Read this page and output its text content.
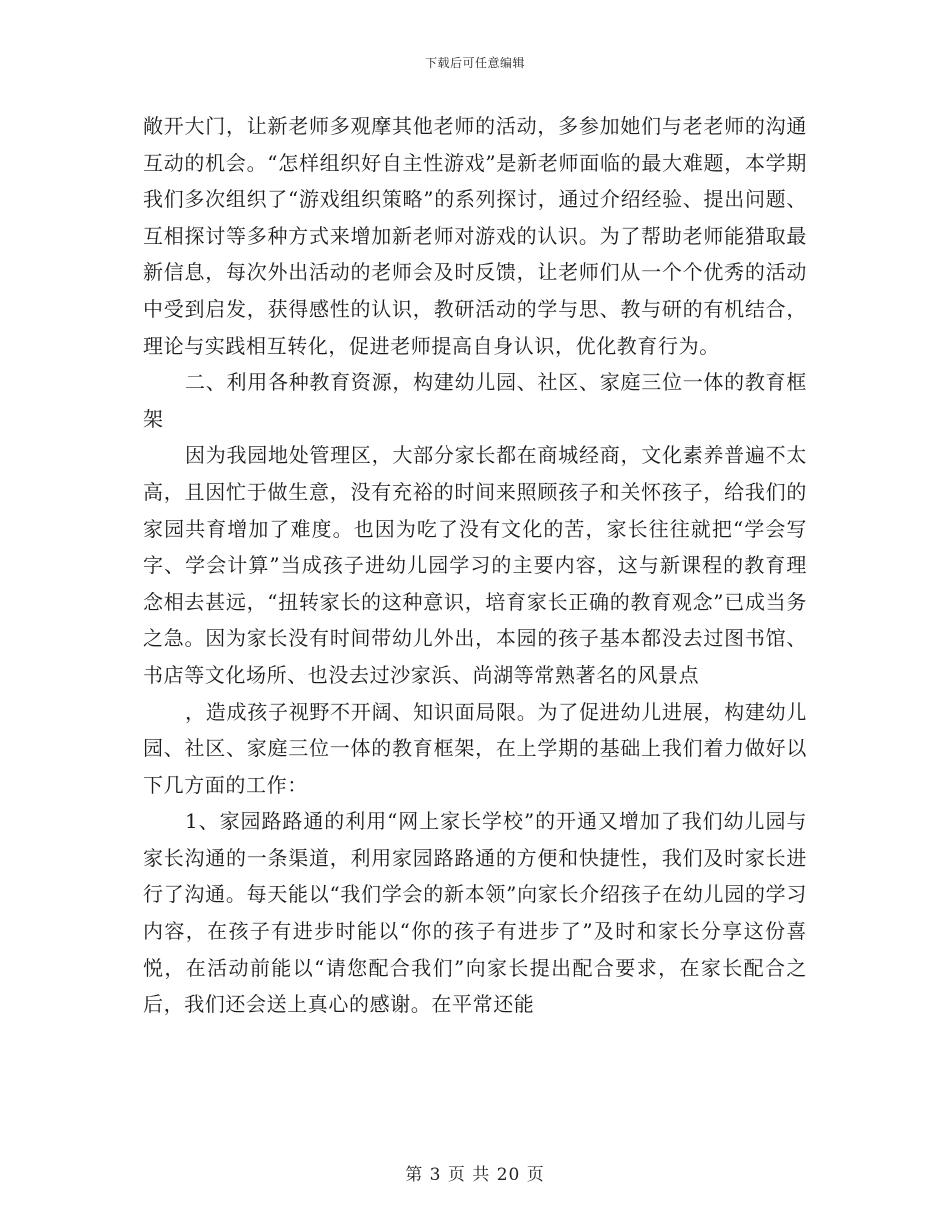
下载后可任意编辑

敞开大门，让新老师多观摩其他老师的活动，多参加她们与老老师的沟通互动的机会。“怎样组织好自主性游戏”是新老师面临的最大难题，本学期我们多次组织了“游戏组织策略”的系列探讨，通过介绍经验、提出问题、互相探讨等多种方式来增加新老师对游戏的认识。为了帮助老师能猎取最新信息，每次外出活动的老师会及时反馈，让老师们从一个个优秀的活动中受到启发，获得感性的认识，教研活动的学与思、教与研的有机结合，理论与实践相互转化，促进老师提高自身认识，优化教育行为。

二、利用各种教育资源，构建幼儿园、社区、家庭三位一体的教育框架

因为我园地处管理区，大部分家长都在商城经商，文化素养普遍不太高，且因忙于做生意，没有充裕的时间来照顾孩子和关怀孩子，给我们的家园共育增加了难度。也因为吃了没有文化的苦，家长往往就把“学会写字、学会计算”当成孩子进幼儿园学习的主要内容，这与新课程的教育理念相去甚远，“扭转家长的这种意识，培育家长正确的教育观念”已成当务之急。因为家长没有时间带幼儿外出，本园的孩子基本都没去过图书馆、书店等文化场所、也没去过沙家浜、尚湖等常熟著名的风景点

，造成孩子视野不开阔、知识面局限。为了促进幼儿进展，构建幼儿园、社区、家庭三位一体的教育框架，在上学期的基础上我们着力做好以下几方面的工作：

1、家园路路通的利用“网上家长学校”的开通又增加了我们幼儿园与家长沟通的一条渠道，利用家园路路通的方便和快捷性，我们及时家长进行了沟通。每天能以“我们学会的新本领”向家长介绍孩子在幼儿园的学习内容，在孩子有进步时能以“你的孩子有进步了”及时和家长分享这份喜悦，在活动前能以“请您配合我们”向家长提出配合要求，在家长配合之后，我们还会送上真心的感谢。在平常还能

第 3 页 共 20 页
